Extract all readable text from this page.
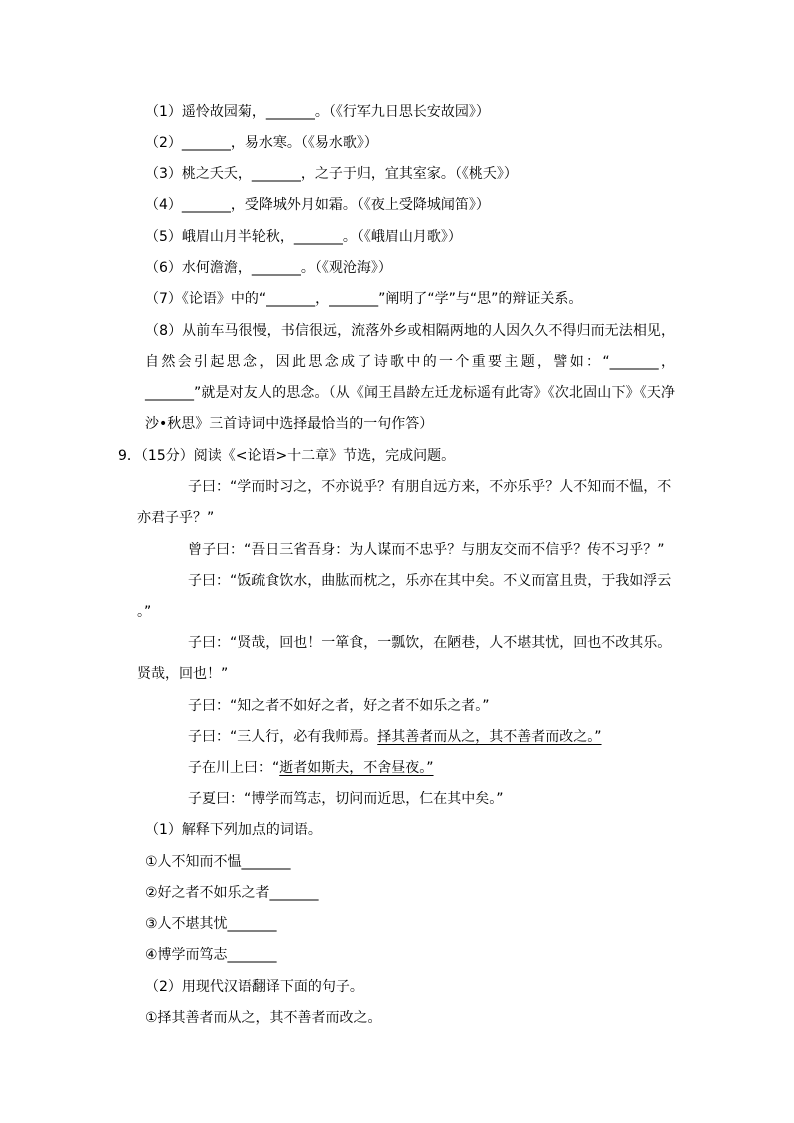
（1）遥怜故园菊，_______。（《行军九日思长安故园》）
（2）_______，易水寒。（《易水歌》）
（3）桃之夭夭，_______，之子于归，宜其室家。（《桃夭》）
（4）_______，受降城外月如霜。（《夜上受降城闻笛》）
（5）峨眉山月半轮秋，_______。（《峨眉山月歌》）
（6）水何澹澹，_______。（《观沧海》）
（7）《论语》中的“_______，_______”阐明了“学”与“思”的辩证关系。
（8）从前车马很慢，书信很远，流落外乡或相隔两地的人因久久不得归而无法相见，自然会引起思念，因此思念成了诗歌中的一个重要主题，譬如：“_______，_______”就是对友人的思念。（从《闻王昌龄左迁龙标遥有此寄》《次北固山下》《天净沙•秋思》三首诗词中选择最恰当的一句作答）
9．（15分）阅读《<论语>十二章》节选，完成问题。
子曰：“学而时习之，不亦说乎？有朋自远方来，不亦乐乎？人不知而不愠，不
亦君子乎？”
曾子曰：“吾日三省吾身：为人谋而不忠乎？与朋友交而不信乎？传不习乎？”
子曰：“饭疏食饮水，曲肱而枕之，乐亦在其中矣。不义而富且贵，于我如浮云
。”
子曰：“贤哉，回也！一箪食，一瓢饮，在陋巷，人不堪其忧，回也不改其乐。
贤哉，回也！”
子曰：“知之者不如好之者，好之者不如乐之者。”
子曰：“三人行，必有我师焉。择其善者而从之，其不善者而改之。”
子在川上曰：“逝者如斯夫，不舍昼夜。”
子夏曰：“博学而笃志，切问而近思，仁在其中矣。”
（1）解释下列加点的词语。
①人不知而不愠_______
②好之者不如乐之者_______
③人不堪其忧_______
④博学而笃志_______
（2）用现代汉语翻译下面的句子。
①择其善者而从之，其不善者而改之。
